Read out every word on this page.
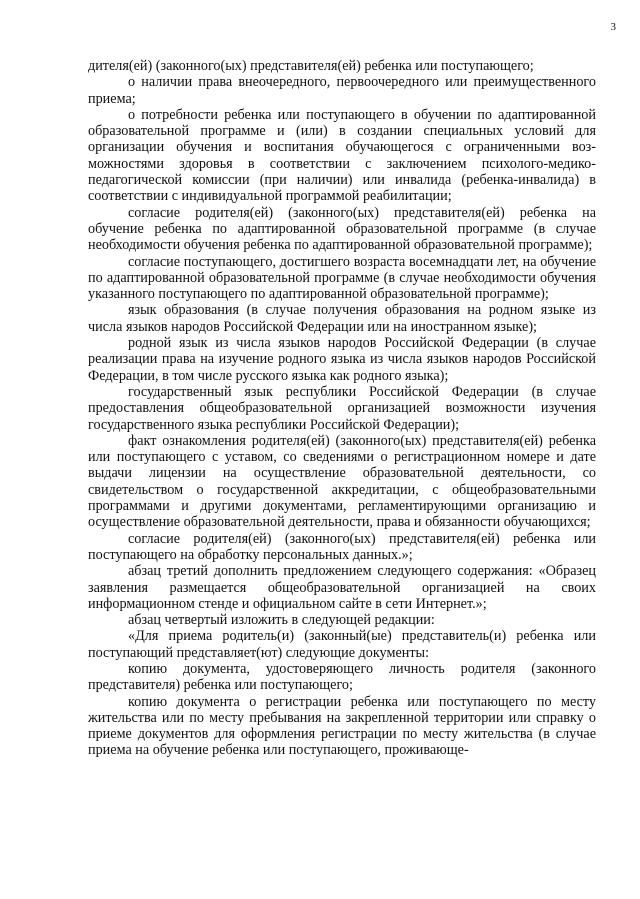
3

дителя(ей) (законного(ых) представителя(ей) ребенка или поступающего;

о наличии права внеочередного, первоочередного или преимущественного приема;

о потребности ребенка или поступающего в обучении по адаптированной образовательной программе и (или) в создании специальных условий для организации обучения и воспитания обучающегося с ограниченными возможностями здоровья в соответствии с заключением психолого-медико-педагогической комиссии (при наличии) или инвалида (ребенка-инвалида) в соответствии с индивидуальной программой реабилитации;

согласие родителя(ей) (законного(ых) представителя(ей) ребенка на обучение ребенка по адаптированной образовательной программе (в случае необходимости обучения ребенка по адаптированной образовательной программе);

согласие поступающего, достигшего возраста восемнадцати лет, на обучение по адаптированной образовательной программе (в случае необходимости обучения указанного поступающего по адаптированной образовательной программе);

язык образования (в случае получения образования на родном языке из числа языков народов Российской Федерации или на иностранном языке);

родной язык из числа языков народов Российской Федерации (в случае реализации права на изучение родного языка из числа языков народов Российской Федерации, в том числе русского языка как родного языка);

государственный язык республики Российской Федерации (в случае предоставления общеобразовательной организацией возможности изучения государственного языка республики Российской Федерации);

факт ознакомления родителя(ей) (законного(ых) представителя(ей) ребенка или поступающего с уставом, со сведениями о регистрационном номере и дате выдачи лицензии на осуществление образовательной деятельности, со свидетельством о государственной аккредитации, с общеобразовательными программами и другими документами, регламентирующими организацию и осуществление образовательной деятельности, права и обязанности обучающихся;

согласие родителя(ей) (законного(ых) представителя(ей) ребенка или поступающего на обработку персональных данных.»;

абзац третий дополнить предложением следующего содержания: «Образец заявления размещается общеобразовательной организацией на своих информационном стенде и официальном сайте в сети Интернет.»;

абзац четвертый изложить в следующей редакции:

«Для приема родитель(и) (законный(ые) представитель(и) ребенка или поступающий представляет(ют) следующие документы:

копию документа, удостоверяющего личность родителя (законного представителя) ребенка или поступающего;

копию документа о регистрации ребенка или поступающего по месту жительства или по месту пребывания на закрепленной территории или справку о приеме документов для оформления регистрации по месту жительства (в случае приема на обучение ребенка или поступающего, проживающе-
